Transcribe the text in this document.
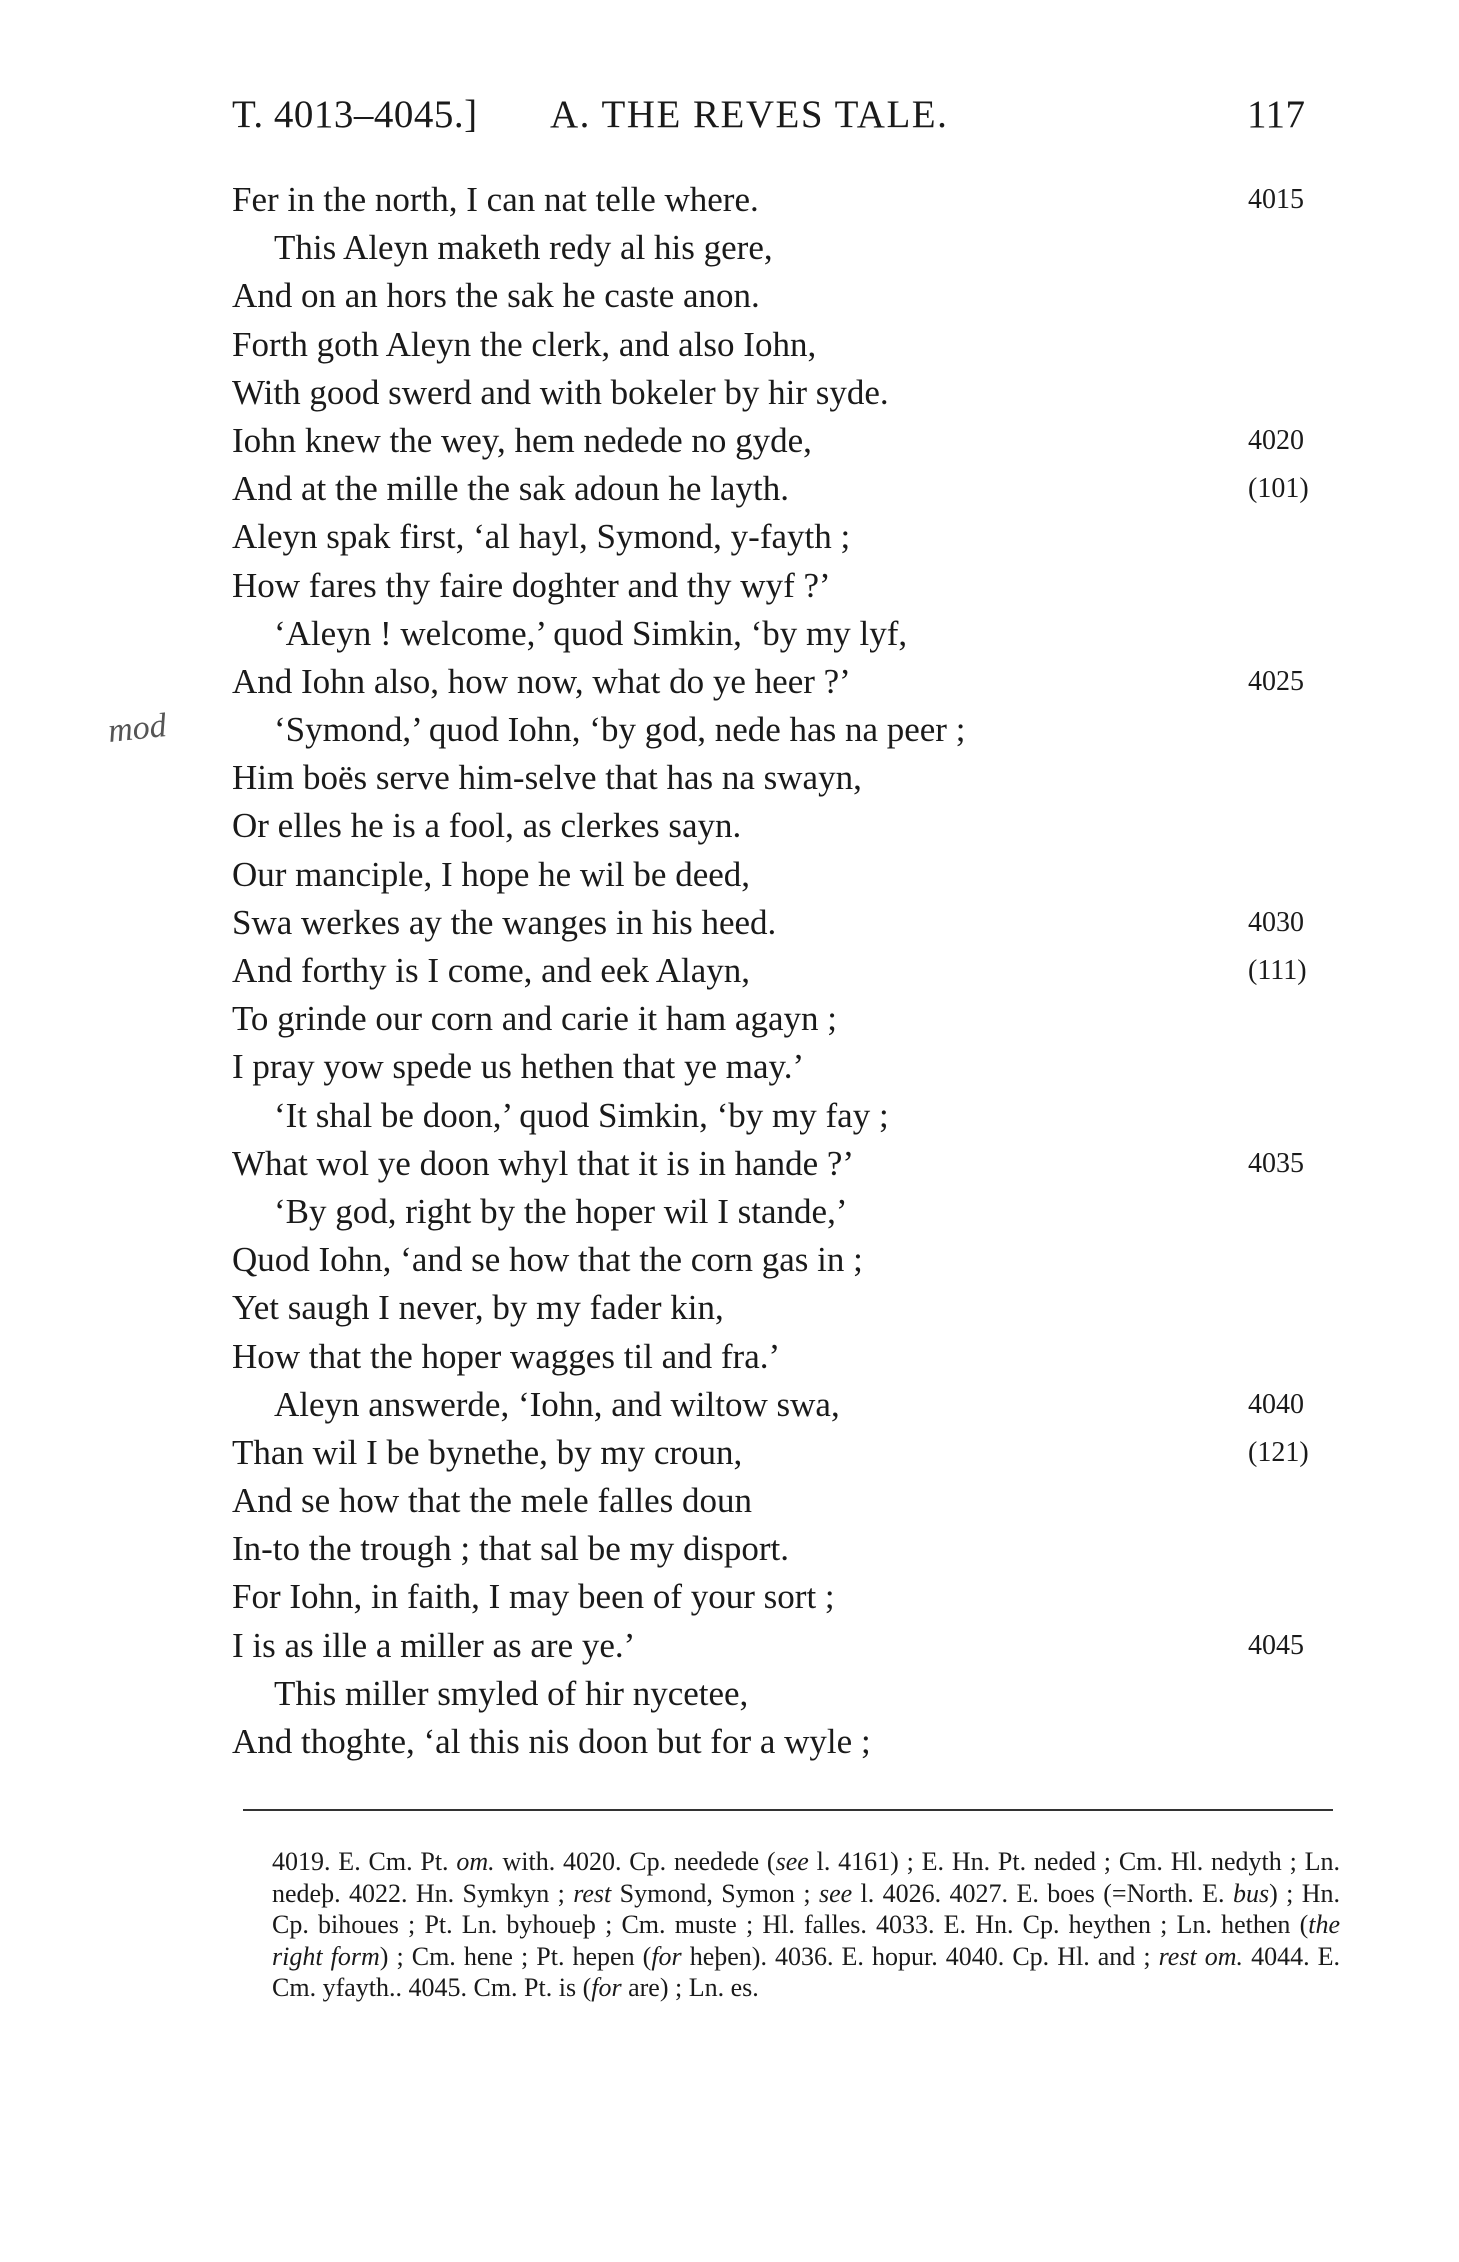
T. 4013–4045.] A. THE REVES TALE.	117
Fer in the north, I can nat telle where.	4015
This Aleyn maketh redy al his gere,
And on an hors the sak he caste anon.
Forth goth Aleyn the clerk, and also Iohn,
With good swerd and with bokeler by hir syde.
Iohn knew the wey, hem nedede no gyde,	4020
And at the mille the sak adoun he layth.	(101)
Aleyn spak first, ‘al hayl, Symond, y-fayth ;
How fares thy faire doghter and thy wyf ?’
‘Aleyn ! welcome,’ quod Simkin, ‘by my lyf,
And Iohn also, how now, what do ye heer ?’	4025
‘Symond,’ quod Iohn, ‘by god, nede has na peer ;
Him boës serve him-selve that has na swayn,
Or elles he is a fool, as clerkes sayn.
Our manciple, I hope he wil be deed,
Swa werkes ay the wanges in his heed.	4030
And forthy is I come, and eek Alayn,	(111)
To grinde our corn and carie it ham agayn ;
I pray yow spede us hethen that ye may.’
‘It shal be doon,’ quod Simkin, ‘by my fay ;
What wol ye doon whyl that it is in hande ?’	4035
‘By god, right by the hoper wil I stande,’
Quod Iohn, ‘and se how that the corn gas in ;
Yet saugh I never, by my fader kin,
How that the hoper wagges til and fra.’
Aleyn answerde, ‘Iohn, and wiltow swa,	4040
Than wil I be bynethe, by my croun,	(121)
And se how that the mele falles doun
In-to the trough ; that sal be my disport.
For Iohn, in faith, I may been of your sort ;
I is as ille a miller as are ye.’	4045
This miller smyled of hir nycetee,
And thoghte, ‘al this nis doon but for a wyle ;
mod

4019. E. Cm. Pt. om. with. 4020. Cp. neededе (see l. 4161) ; E. Hn. Pt. neded ; Cm. Hl. nedyth ; Ln. nedeþ. 4022. Hn. Symkyn ; rest Symond, Symon ; see l. 4026. 4027. E. boes (=North. E. bus) ; Hn. Cp. bihoues ; Pt. Ln. byhoueþ ; Cm. muste ; Hl. falles. 4033. E. Hn. Cp. heythen ; Ln. hethen (the right form) ; Cm. hene ; Pt. hepen (for heþen). 4036. E. hopur. 4040. Cp. Hl. and ; rest om. 4044. E. Cm. yfayth.. 4045. Cm. Pt. is (for are) ; Ln. es.
